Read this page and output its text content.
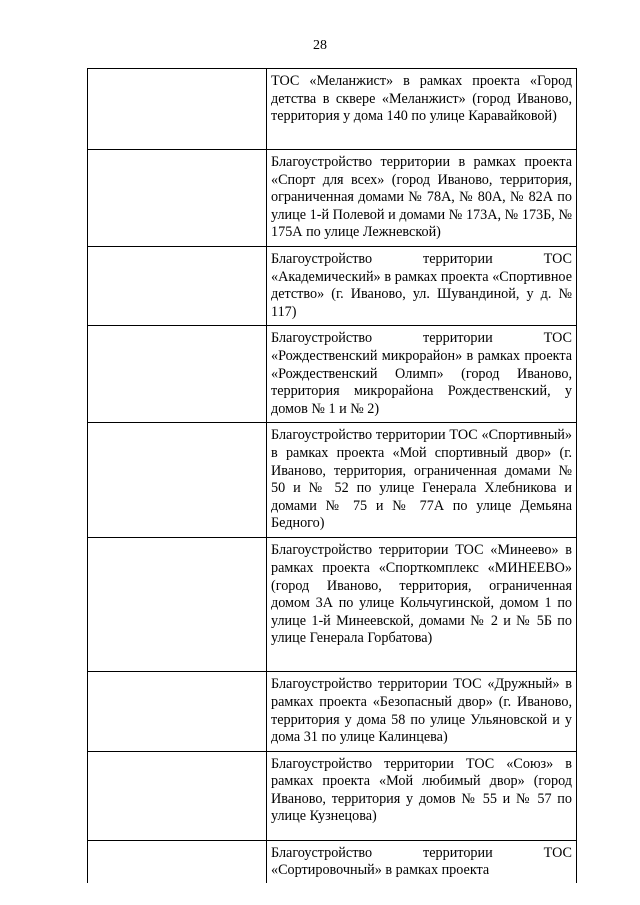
28
	ТОС «Меланжист» в рамках проекта «Город детства в сквере «Меланжист» (город Иваново, территория у дома 140 по улице Каравайковой)
	Благоустройство территории в рамках проекта «Спорт для всех» (город Иваново, территория, ограниченная домами № 78А, № 80А, № 82А по улице 1-й Полевой и домами № 173А, № 173Б, № 175А по улице Лежневской)
	Благоустройство территории ТОС «Академический» в рамках проекта «Спортивное детство» (г. Иваново, ул. Шувандиной, у д. № 117)
	Благоустройство территории ТОС «Рождественский микрорайон» в рамках проекта «Рождественский Олимп» (город Иваново, территория микрорайона Рождественский, у домов № 1 и № 2)
	Благоустройство территории ТОС «Спортивный» в рамках проекта «Мой спортивный двор» (г. Иваново, территория, ограниченная домами № 50 и № 52 по улице Генерала Хлебникова и домами № 75 и № 77А по улице Демьяна Бедного)
	Благоустройство территории ТОС «Минеево» в рамках проекта «Спорткомплекс «МИНЕЕВО» (город Иваново, территория, ограниченная домом 3А по улице Кольчугинской, домом 1 по улице 1-й Минеевской, домами № 2 и № 5Б по улице Генерала Горбатова)
	Благоустройство территории ТОС «Дружный» в рамках проекта «Безопасный двор» (г. Иваново, территория у дома 58 по улице Ульяновской и у дома 31 по улице Калинцева)
	Благоустройство территории ТОС «Союз» в рамках проекта «Мой любимый двор» (город Иваново, территория у домов № 55 и № 57 по улице Кузнецова)
	Благоустройство территории ТОС «Сортировочный» в рамках проекта
